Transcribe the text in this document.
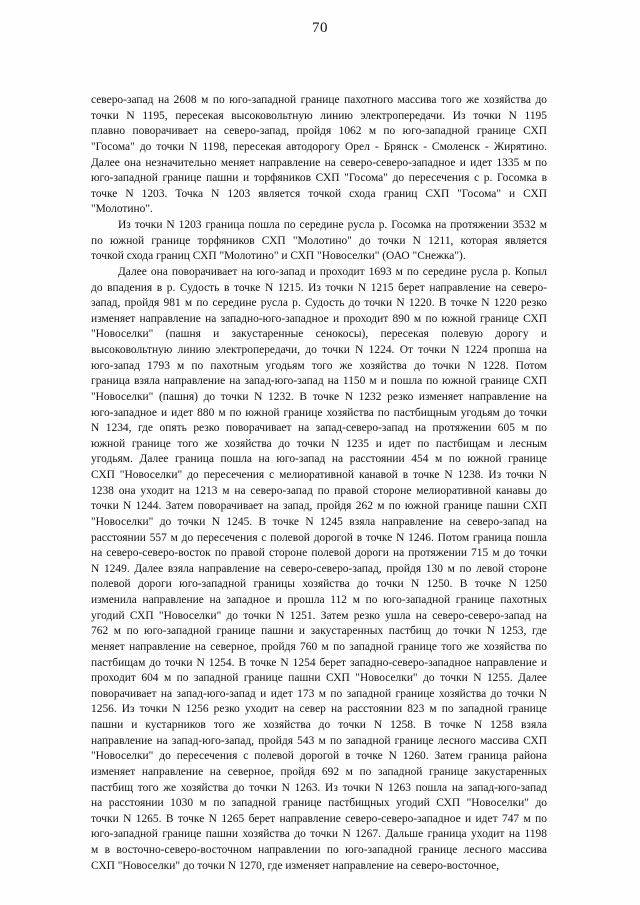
70
северо-запад на 2608 м по юго-западной границе пахотного массива того же хозяйства до
точки N 1195, пересекая высоковольтную линию электропередачи. Из точки N 1195
плавно поворачивает на северо-запад, пройдя 1062 м по юго-западной границе СХП
"Госома" до точки N 1198, пересекая автодорогу Орел - Брянск - Смоленск - Жирятино.
Далее она незначительно меняет направление на северо-северо-западное и идет 1335 м по
юго-западной границе пашни и торфяников СХП "Госома" до пересечения с р. Госомка в
точке N 1203. Точка N 1203 является точкой схода границ СХП "Госома" и СХП
"Молотино".
Из точки N 1203 граница пошла по середине русла р. Госомка на протяжении 3532 м
по южной границе торфяников СХП "Молотино" до точки N 1211, которая является
точкой схода границ СХП "Молотино" и СХП "Новоселки" (ОАО "Снежка").
Далее она поворачивает на юго-запад и проходит 1693 м по середине русла р. Копыл
до впадения в р. Судость в точке N 1215. Из точки N 1215 берет направление на северо-
запад, пройдя 981 м по середине русла р. Судость до точки N 1220. В точке N 1220 резко
изменяет направление на западно-юго-западное и проходит 890 м по южной границе СХП
"Новоселки" (пашня и закустаренные сенокосы), пересекая полевую дорогу и
высоковольтную линию электропередачи, до точки N 1224. От точки N 1224 пропша на
юго-запад 1793 м по пахотным угодьям того же хозяйства до точки N 1228. Потом
граница взяла направление на запад-юго-запад на 1150 м и пошла по южной границе СХП
"Новоселки" (пашня) до точки N 1232. В точке N 1232 резко изменяет направление на
юго-западное и идет 880 м по южной границе хозяйства по пастбищным угодьям до точки
N 1234, где опять резко поворачивает на запад-северо-запад на протяжении 605 м по
южной границе того же хозяйства до точки N 1235 и идет по пастбищам и лесным
угодьям. Далее граница пошла на юго-запад на расстоянии 454 м по южной границе
СХП "Новоселки" до пересечения с мелиоративной канавой в точке N 1238. Из точки N
1238 она уходит на 1213 м на северо-запад по правой стороне мелиоративной канавы до
точки N 1244. Затем поворачивает на запад, пройдя 262 м по южной границе пашни СХП
"Новоселки" до точки N 1245. В точке N 1245 взяла направление на северо-запад на
расстоянии 557 м до пересечения с полевой дорогой в точке N 1246. Потом граница пошла
на северо-северо-восток по правой стороне полевой дороги на протяжении 715 м до точки
N 1249. Далее взяла направление на северо-северо-запад, пройдя 130 м по левой стороне
полевой дороги юго-западной границы хозяйства до точки N 1250. В точке N 1250
изменила направление на западное и прошла 112 м по юго-западной границе пахотных
угодий СХП "Новоселки" до точки N 1251. Затем резко ушла на северо-северо-запад на
762 м по юго-западной границе пашни и закустаренных пастбищ до точки N 1253, где
меняет направление на северное, пройдя 760 м по западной границе того же хозяйства по
пастбищам до точки N 1254. В точке N 1254 берет западно-северо-западное направление и
проходит 604 м по западной границе пашни СХП "Новоселки" до точки N 1255. Далее
поворачивает на запад-юго-запад и идет 173 м по западной границе хозяйства до точки N
1256. Из точки N 1256 резко уходит на север на расстоянии 823 м по западной границе
пашни и кустарников того же хозяйства до точки N 1258. В точке N 1258 взяла
направление на запад-юго-запад, пройдя 543 м по западной границе лесного массива СХП
"Новоселки" до пересечения с полевой дорогой в точке N 1260. Затем граница района
изменяет направление на северное, пройдя 692 м по западной границе закустаренных
пастбищ того же хозяйства до точки N 1263. Из точки N 1263 пошла на запад-юго-запад
на расстоянии 1030 м по западной границе пастбищных угодий СХП "Новоселки" до
точки N 1265. В точке N 1265 берет направление северо-северо-западное и идет 747 м по
юго-западной границе пашни хозяйства до точки N 1267. Дальше граница уходит на 1198
м в восточно-северо-восточном направлении по юго-западной границе лесного массива
СХП "Новоселки" до точки N 1270, где изменяет направление на северо-восточное,
